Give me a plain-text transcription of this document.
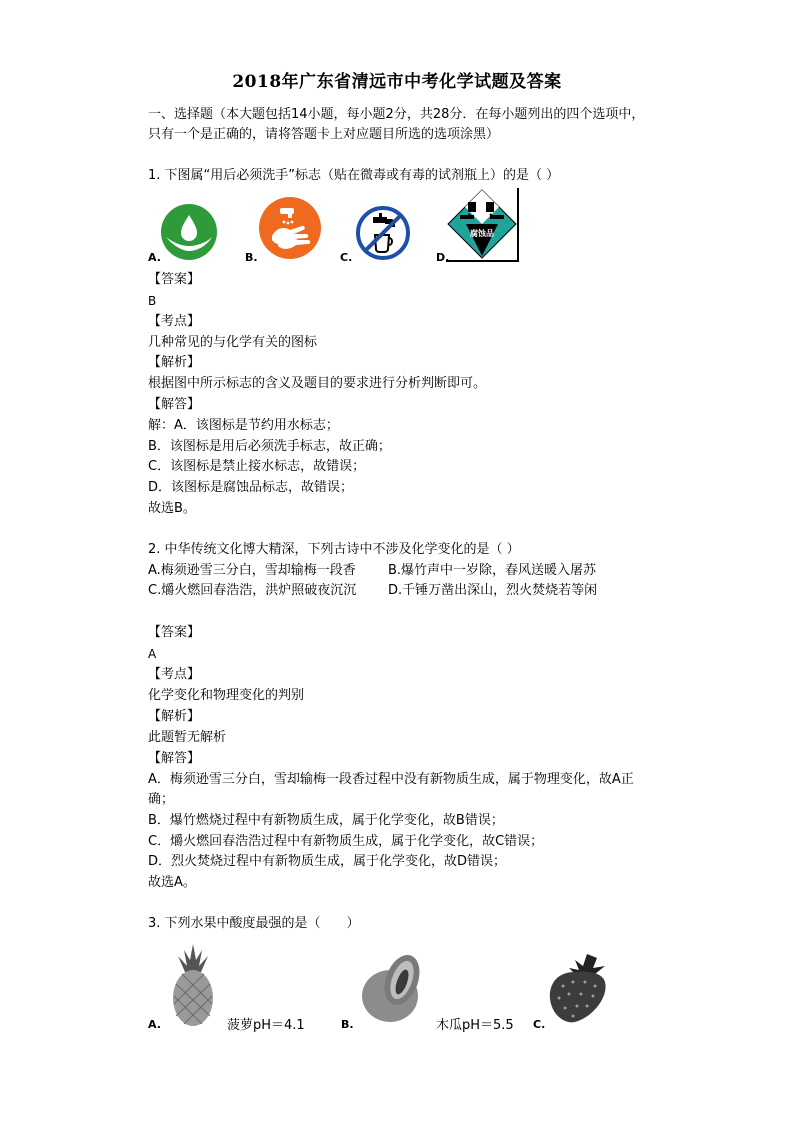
2018年广东省清远市中考化学试题及答案
一、选择题（本大题包括14小题，每小题2分，共28分．在每小题列出的四个选项中，
只有一个是正确的，请将答题卡上对应题目所选的选项涂黑）
1. 下图属“用后必须洗手”标志（贴在微毒或有毒的试剂瓶上）的是（ ）
A.	B.	C.
腐蚀品
D.
【答案】
B
【考点】
几种常见的与化学有关的图标
【解析】
根据图中所示标志的含义及题目的要求进行分析判断即可。
【解答】
解：A．该图标是节约用水标志；
B．该图标是用后必须洗手标志，故正确；
C．该图标是禁止接水标志，故错误；
D．该图标是腐蚀品标志，故错误；
故选B。
2. 中华传统文化博大精深，下列古诗中不涉及化学变化的是（ ）
A.梅须逊雪三分白，雪却输梅一段香 B.爆竹声中一岁除，春风送暖入屠苏
C.爝火燃回春浩浩，洪炉照破夜沉沉 D.千锤万凿出深山，烈火焚烧若等闲
【答案】
A
【考点】
化学变化和物理变化的判别
【解析】
此题暂无解析
【解答】
A．梅须逊雪三分白，雪却输梅一段香过程中没有新物质生成，属于物理变化，故A正
确；
B．爆竹燃烧过程中有新物质生成，属于化学变化，故B错误；
C．爝火燃回春浩浩过程中有新物质生成，属于化学变化，故C错误；
D．烈火焚烧过程中有新物质生成，属于化学变化，故D错误；
故选A。
3. 下列水果中酸度最强的是（　　）
A.	菠萝pH＝4.1	B.	木瓜pH＝5.5 C.
